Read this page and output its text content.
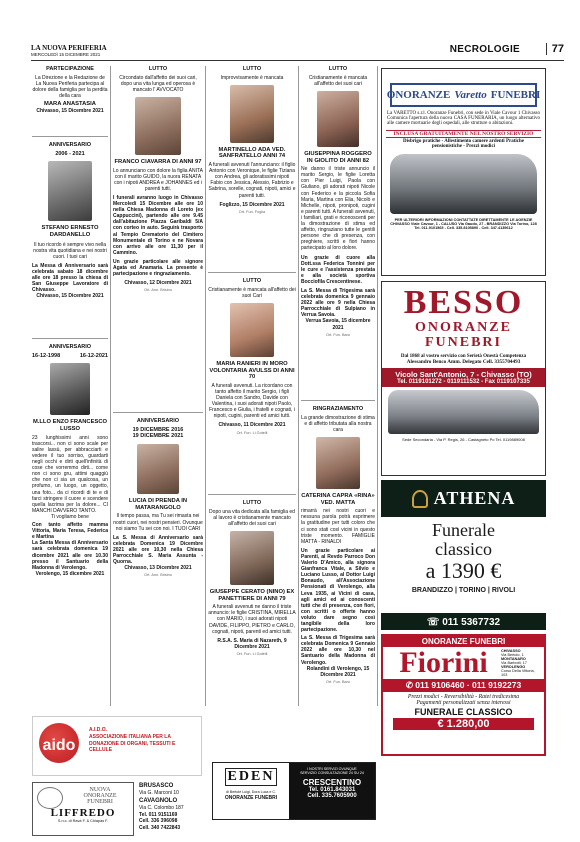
LA NUOVA PERIFERIA
MERCOLEDÌ 15 DICEMBRE 2021	NECROLOGIE	77
PARTECIPAZIONE
La Direzione e la Redazione de La Nuova Periferia partecipa al dolore della famiglia per la perdita della cara
MARA ANASTASIA
Chivasso, 15 Dicembre 2021
ANNIVERSARIO
2006 - 2021
STEFANO ERNESTO DARDANELLO
Il tuo ricordo è sempre vivo nella nostra vita quotidiana e nei nostri cuori. I tuoi cari
La Messa di Anniversario sarà celebrata sabato 18 dicembre alle ore 18 presso la chiesa di San Giuseppe Lavoratore di Chivasso.
Chivasso, 15 Dicembre 2021
ANNIVERSARIO
16-12-1998	16-12-2021
M.LLO ENZO FRANCESCO LUSSO
23 lunghissimi anni sono trascorsi... non ci sono scale per salire lassù, per abbracciarti e vedere il tuo sorriso, guardarti negli occhi e dirti quell'infinità di cose che vorremmo dirti... come non ci sono gru, attimi quaggiù che non ci sia un qualcosa, un profumo, un luogo, un oggetto, una foto... da ci ricordi di te e di farci stringere il cuore e scendere quella lacrima per la dolore... CI MANCHI DAVVERO TANTO.
Ti vogliamo bene
Con tanto affetto mamma Vittoria, Maria Teresa, Federica e Martina
La Santa Messa di Anniversario sarà celebrata domenica 19 dicembre 2021 alle ore 10.30 presso il Santuario della Madonna di Verolengo.
Verolengo, 15 dicembre 2021
LUTTO
Circondato dall'affetto dei suoi cari, dopo una vita lunga ed operosa è mancato l' AVVOCATO
FRANCO CIAVARRA DI ANNI 97
Lo annunciano con dolore la figlia ANITA con il marito GUIDO, la nuora RENATA con i nipoti ANDREA e JOHANNES ed i parenti tutti.
I funerali avranno luogo in Chivasso Mercoledì 15 Dicembre alle ore 10 nella Chiesa Madonna di Loreto (ex Cappuccini), partendo alle ore 9.45 dall'abitazione Piazza Garibaldi 5/A con corteo in auto. Seguirà trasporto al Tempio Crematorio del Cimitero Monumentale di Torino e ne Novara con arrivo alle ore 11,30 per il Cammino.
Un grazie particolare alle signore Agata ed Anamaria. La presente è partecipazione e ringraziamento.
Chivasso, 12 Dicembre 2021
Ort. Ann. Brisino
ANNIVERSARIO
19 DICEMBRE 2016
19 DICEMBRE 2021
LUCIA DI PRENDA IN MATARANGOLO
Il tempo passa, ma Tu sei rimasta nei nostri cuori, nei nostri pensieri. Ovunque noi siamo Tu sei con noi. I TUOI CARI
La S. Messa di Anniversario sarà celebrata Domenica 19 Dicembre 2021 alle ore 10,30 nella Chiesa Parrocchiale S. Maria Assunta - Quorna.
Chivasso, 13 Dicembre 2021
Ort. Ann. Brisino
LUTTO
Improvvisamente è mancata
MARTINELLO ADA VED. SANFRATELLO ANNI 74
A funerali avvenuti l'annunciano: il figlio Antonio con Veronique, le figlie Tiziana con Andrea, gli adoratissimi nipoti Fabio con Jessica, Alessio, Fabrizio e Sabrina, sorelle, cognati, nipoti, amici e parenti tutti.
Foglizzo, 15 Dicembre 2021
Ort. Fun. Foglia
LUTTO
Cristianamente è mancata all'affetto dei suoi Cari
MARIA RANIERI IN MORO VOLONTARIA AVULSS DI ANNI 70
A funerali avvenuti. La ricordano con tanto affetto il marito Sergio, i figli Daniela con Sandro, Davide con Valentina, i suoi adorati nipoti Paolo, Francesco e Giulia, i fratelli e cognati, i nipoti, cugini, parenti ed amici tutti.
Chivasso, 11 Dicembre 2021
Ort. Fun. Li Gotelli
LUTTO
Dopo una vita dedicata alla famiglia ed al lavoro è cristianamente mancato all'affetto dei suoi cari
GIUSEPPE CERATO (NINO) EX PANETTIERE DI ANNI 79
A funerali avvenuti ne danno il triste annuncio: le figlie CRISTINA, MIRELLA con MARIO, i suoi adorati nipoti DAVIDE, FILIPPO, PIETRO e CARLO, cognati, nipoti, parenti ed amici tutti.
R.S.A. S. Maria di Nazareth, 9 Dicembre 2021
Ort. Fun. Li Gotelli
LUTTO
Cristianamente è mancata all'affetto dei suoi cari
GIUSEPPINA ROGGERO IN GIOLITO DI ANNI 82
Ne danno il triste annuncio il marito Sergio, le figlie Loretta con Pier Luigi, Paola con Giuliano, gli adorati nipoti Nicole con Federico e la piccola Sofia Maria, Martina con Elia, Nicolò e Michelle, nipoti, pronipoti, cugini e parenti tutti. A funerali avvenuti, i familiari, grati e riconoscenti per la dimostrazione di stima ed affetto, ringraziano tutte le gentili persone che di presenza, con preghiere, scritti e fiori hanno partecipato al loro dolore.
Un grazie di cuore alla Dott.ssa Federica Tonnini per le cure e l'assistenza prestata e alla società sportiva Bocciofila Crescentinese.
La S. Messa di Trigesima sarà celebrata domenica 9 gennaio 2022 alle ore 9 nella Chiesa Parrocchiale di Sulpiano in Verrua Savoia.
Verrua Savoia, 15 dicembre 2021
Ort. Fun. Baro
RINGRAZIAMENTO
La grande dimostrazione di stima e di affetto tributata alla nostra cara
CATERINA CAPRA «RINA» VED. MATTA
rimarrà nei nostri cuori e nessuna parola potrà esprimere la gratitudine per tutti coloro che ci sono stati così vicini in questo triste momento. FAMIGLIE MATTA - RINALDI
Un grazie particolare ai Parenti, al Revdo Parroco Don Valerio D'Amico, alla signora Gianfranca Vitale, a Silvio e Luciano Lusso, al Dottor Luigi Bonaudo, all'Associazione Pensionati di Verolengo, alla Leva 1935, ai Vicini di casa, agli amici ed ai conoscenti tutti che di presenza, con fiori, con scritti o offerte hanno voluto dare segno così tangibile della loro partecipazione.
La S. Messa di Trigesima sarà celebrata Domenica 9 Gennaio 2022 alle ore 10,30 nel Santuario della Madonna di Verolengo.
Rolandini di Verolengo, 15 Dicembre 2021
Ort. Fun. Baro
ONORANZE Varetto FUNEBRI
La VARETTO s.r.l. Onoranze Funebri, con sede in Viale Cavour 1 Chivasso Comunica l'apertura della nuova CASA FUNERARIA, un luogo alternativo alle camere mortuarie degli ospedali, alle strutture o abitazioni.
INCLUSA GRATUITAMENTE NEL NOSTRO SERVIZIO
Disbrigo pratiche - Allestimento camere ardenti Pratiche pensionistiche - Prezzi modici
PER ULTERIORI INFORMAZIONI CONTATTATE DIRETTAMENTE LE AGENZIE
CHIVASSO Viale Cavour, 1 - CALUSO Via Gaudo, 27 - BRANDIZZO Via Torino, 128
Tel. 011.9101565 - Cell. 335.8105890 - Cell. 347.4139612
BESSO
ONORANZE
FUNEBRI
Dal 1868 al vostro servizio con Serietà Onestà Competenza
Alessandro Benco Amm. Delegato Cell. 3355704493
Vicolo Sant'Antonio, 7 - Chivasso (TO)
Tel. 0119101272 - 0119111532 - Fax 0119107335
Sede Secondaria - Via P. Regis, 26 - Castagneto Po Tel. 0119889008
ATHENA
Funerale
classico
a 1390 €
BRANDIZZO | TORINO | RIVOLI
☏ 011 5367732
ONORANZE FUNEBRI
Fiorini	CHIVASSO
Via Bertolo, 1
MONTANARO
Via Barbotti, 17
VEROLENGO
Corso Della Vittoria, 103
✆ 011 9106460 · 011 9192273
Prezzi modici - Reversibilità - Ratei tredicesima
Pagamenti personalizzati senza interessi
FUNERALE CLASSICO
€ 1.280,00
aido
A.I.D.O.
ASSOCIAZIONE ITALIANA PER LA
DONAZIONE DI ORGANI, TESSUTI E CELLULE
NUOVA
ONORANZE
FUNEBRI
LIFFREDO
S.n.c. di Ravà F. & Chiapas F.
BRUSASCO
Via G. Marconi 10
CAVAGNOLO
Via C. Colombo 187
Tel. 011 9151169
Cell. 336 396098
Cell. 340 7422843
EDEN
di Bertolè Luigi, Dora Luca e C.
ONORANZE FUNEBRI
I NOSTRI SERVIZI OVUNQUE
SERVIZIO CONSULTAZIONE 24 SU 24
CRESCENTINO
Tel. 0161.843031
Cell. 335.7605900
